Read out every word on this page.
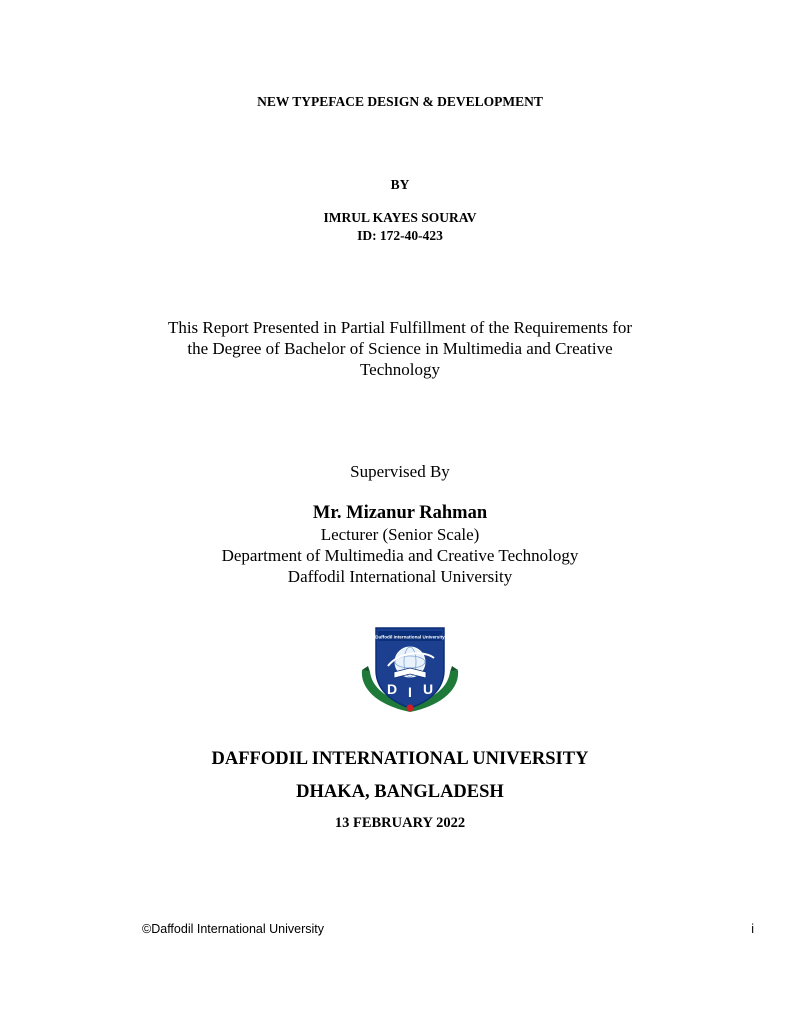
NEW TYPEFACE DESIGN & DEVELOPMENT
BY
IMRUL KAYES SOURAV
ID: 172-40-423
This Report Presented in Partial Fulfillment of the Requirements for
the Degree of Bachelor of Science in Multimedia and Creative
Technology
Supervised By
Mr. Mizanur Rahman
Lecturer (Senior Scale)
Department of Multimedia and Creative Technology
Daffodil International University
Daffodil International University
D I U
DAFFODIL INTERNATIONAL UNIVERSITY
DHAKA, BANGLADESH
13 FEBRUARY 2022
©Daffodil International University	i
